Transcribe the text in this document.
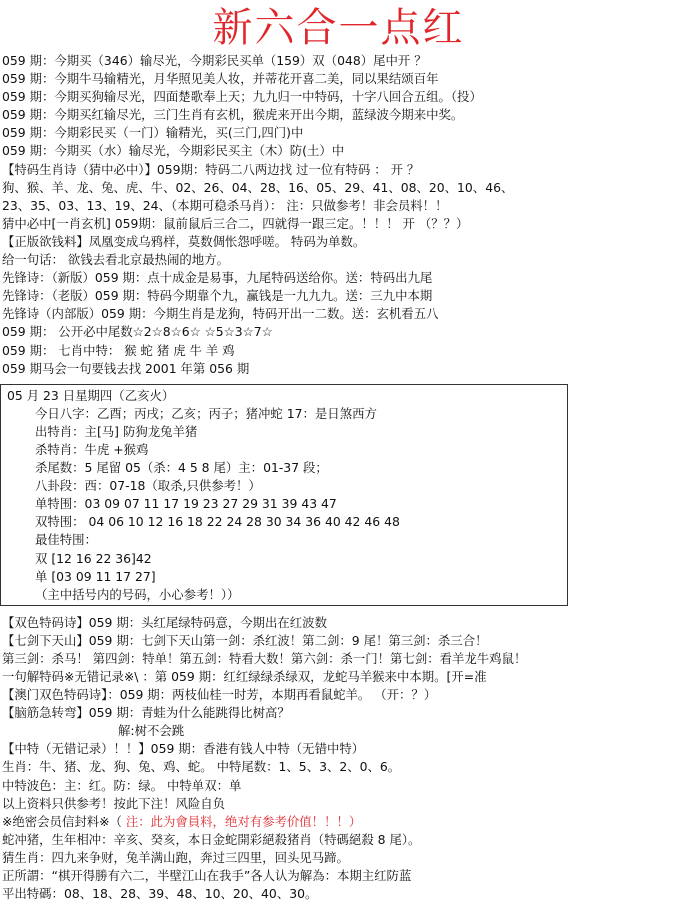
新六合一点红
059 期：今期买（346）输尽光，今期彩民买单（159）双（048）尾中开 ？
059 期：今期牛马输精光，月华照见美人妆，并蒂花开喜二美，同以果结颂百年
059 期：今期买狗输尽光，四面楚歌奉上天；九九归一中特码，十字八回合五组。（投）
059 期：今期买红输尽光，三门生肖有玄机，猴虎来开出今期，蓝绿波今期来中奖。
059 期：今期彩民买（一门）输精光，买(三门,四门)中
059 期：今期买（水）输尽光，今期彩民买主（木）防(土）中
【特码生肖诗（猜中必中）】059期：特码二八两边找 过一位有特码 ： 开 ？
狗、猴、羊、龙、兔、虎、牛、02、26、04、28、16、05、29、41、08、20、10、46、
23、35、03、13、19、24、（本期可稳杀马肖）： 注：只做参考！非会员料！！
猜中必中[一肖玄机] 059期：鼠前鼠后三合二，四就得一跟三定。！！！ 开 （？？）
【正版欲钱料】凤凰变成乌鸦样，莫数倜怅怨呼嗟。 特码为单数。
给一句话： 欲钱去看北京最热闹的地方。
先锋诗：（新版）059 期：点十成金是易事，九尾特码送给你。送：特码出九尾
先锋诗：（老版）059 期：特码今期靠个九，赢钱是一九九九。送：三九中本期
先锋诗（内部版）059 期：今期生肖是龙狗，特码开出一二数。送：玄机看五八
059 期： 公开必中尾数☆2☆8☆6☆ ☆5☆3☆7☆
059 期： 七肖中特： 猴 蛇 猪 虎 牛 羊 鸡
059 期马会一句要钱去找 2001 年第 056 期
05 月 23 日星期四（乙亥火）
今日八字：乙酉；丙戌；乙亥；丙子；猪冲蛇 17：是日煞西方
出特肖：主[马] 防狗龙兔羊猪
杀特肖：牛虎 +猴鸡
杀尾数：5 尾留 05（杀：4 5 8 尾）主：01-37 段；
八卦段：西：07-18（取杀,只供参考！）
单特围：03 09 07 11 17 19 23 27 29 31 39 43 47
双特围： 04 06 10 12 16 18 22 24 28 30 34 36 40 42 46 48
最佳特围：
双 [12 16 22 36]42
单 [03 09 11 17 27]
（主中括号内的号码，小心参考！））
【双色特码诗】059 期：头红尾绿特码意，今期出在红波数
【七剑下天山】059 期：七剑下天山第一剑：杀红波！第二剑：9 尾！第三剑：杀三合！
第三剑：杀马！ 第四剑：特单！第五剑：特看大数！第六剑：杀一门！第七剑：看羊龙牛鸡鼠！
一句解特码※无错记录※\ ：第 059 期：红红绿绿杀绿双，龙蛇马羊猴来中本期。[开=准
【澳门双色特码诗】：059 期：两枝仙桂一时芳，本期再看鼠蛇羊。 （开：？）
【脑筋急转弯】059 期：青蛙为什么能跳得比树高？
解:树不会跳
【中特（无错记录）！！】059 期：香港有钱人中特（无错中特）
生肖：牛、猪、龙、狗、兔、鸡、蛇。 中特尾数：1、5、3、2、0、6。
中特波色：主：红。防：绿。 中特单双：单
以上资料只供参考！按此下注！风险自负
※绝密会员信封料※（ 注：此为會員料，绝对有参考价值！！！）
蛇冲猪，生年相冲：辛亥、癸亥，本日金蛇開彩絕殺猪肖（特碼絕殺 8 尾）。
猜生肖：四九来争财，兔羊满山跑，奔过三四里，回头见马蹄。
正所謂：“棋开得勝有六二，半壁江山在我手”各人认为解為：本期主红防蓝
平出特碼：08、18、28、39、48、10、20、40、30。
